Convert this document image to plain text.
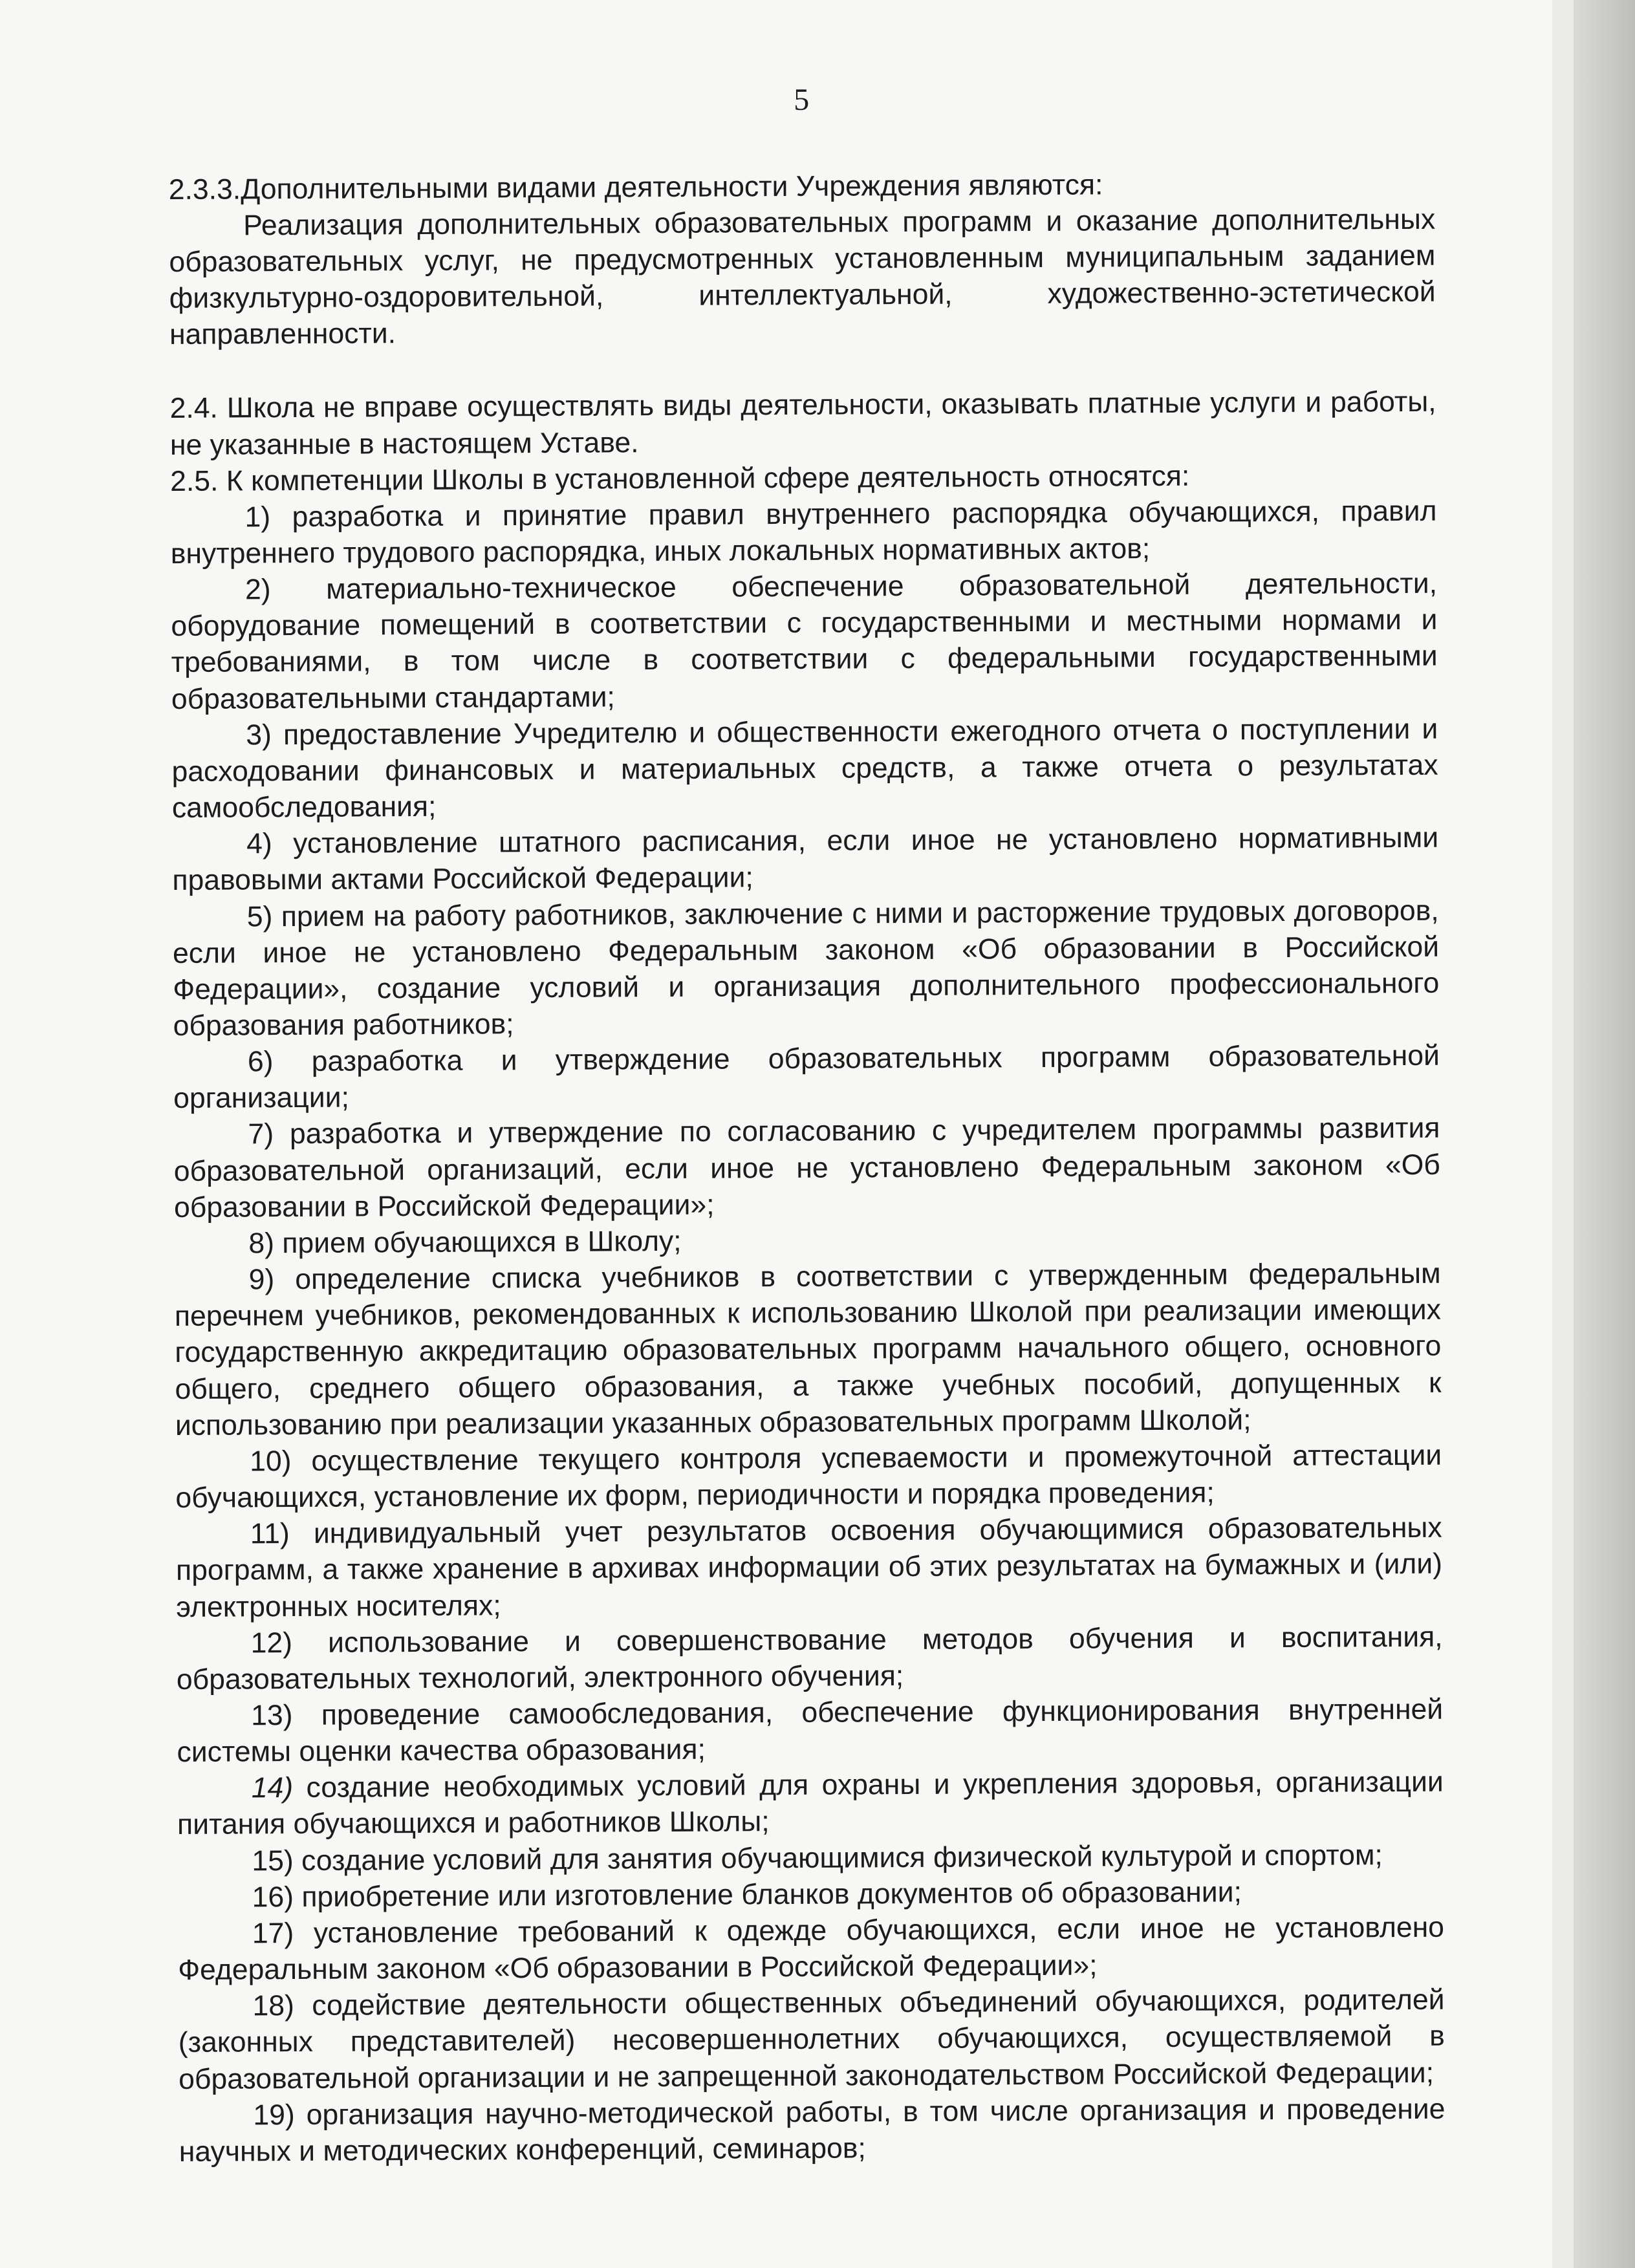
5

2.3.3.Дополнительными видами деятельности Учреждения являются:

Реализация дополнительных образовательных программ и оказание дополнительных образовательных услуг, не предусмотренных установленным муниципальным заданием физкультурно-оздоровительной, интеллектуальной, художественно-эстетической направленности.

2.4. Школа не вправе осуществлять виды деятельности, оказывать платные услуги и работы, не указанные в настоящем Уставе.

2.5. К компетенции Школы в установленной сфере деятельность относятся:

1) разработка и принятие правил внутреннего распорядка обучающихся, правил внутреннего трудового распорядка, иных локальных нормативных актов;

2) материально-техническое обеспечение образовательной деятельности, оборудование помещений в соответствии с государственными и местными нормами и требованиями, в том числе в соответствии с федеральными государственными образовательными стандартами;

3) предоставление Учредителю и общественности ежегодного отчета о поступлении и расходовании финансовых и материальных средств, а также отчета о результатах самообследования;

4) установление штатного расписания, если иное не установлено нормативными правовыми актами Российской Федерации;

5) прием на работу работников, заключение с ними и расторжение трудовых договоров, если иное не установлено Федеральным законом «Об образовании в Российской Федерации», создание условий и организация дополнительного профессионального образования работников;

6) разработка и утверждение образовательных программ образовательной организации;

7) разработка и утверждение по согласованию с учредителем программы развития образовательной организаций, если иное не установлено Федеральным законом «Об образовании в Российской Федерации»;

8) прием обучающихся в Школу;

9) определение списка учебников в соответствии с утвержденным федеральным перечнем учебников, рекомендованных к использованию Школой при реализации имеющих государственную аккредитацию образовательных программ начального общего, основного общего, среднего общего образования, а также учебных пособий, допущенных к использованию при реализации указанных образовательных программ Школой;

10) осуществление текущего контроля успеваемости и промежуточной аттестации обучающихся, установление их форм, периодичности и порядка проведения;

11) индивидуальный учет результатов освоения обучающимися образовательных программ, а также хранение в архивах информации об этих результатах на бумажных и (или) электронных носителях;

12) использование и совершенствование методов обучения и воспитания, образовательных технологий, электронного обучения;

13) проведение самообследования, обеспечение функционирования внутренней системы оценки качества образования;

14) создание необходимых условий для охраны и укрепления здоровья, организации питания обучающихся и работников Школы;

15) создание условий для занятия обучающимися физической культурой и спортом;

16) приобретение или изготовление бланков документов об образовании;

17) установление требований к одежде обучающихся, если иное не установлено Федеральным законом «Об образовании в Российской Федерации»;

18) содействие деятельности общественных объединений обучающихся, родителей (законных представителей) несовершеннолетних обучающихся, осуществляемой в образовательной организации и не запрещенной законодательством Российской Федерации;

19) организация научно-методической работы, в том числе организация и проведение научных и методических конференций, семинаров;
